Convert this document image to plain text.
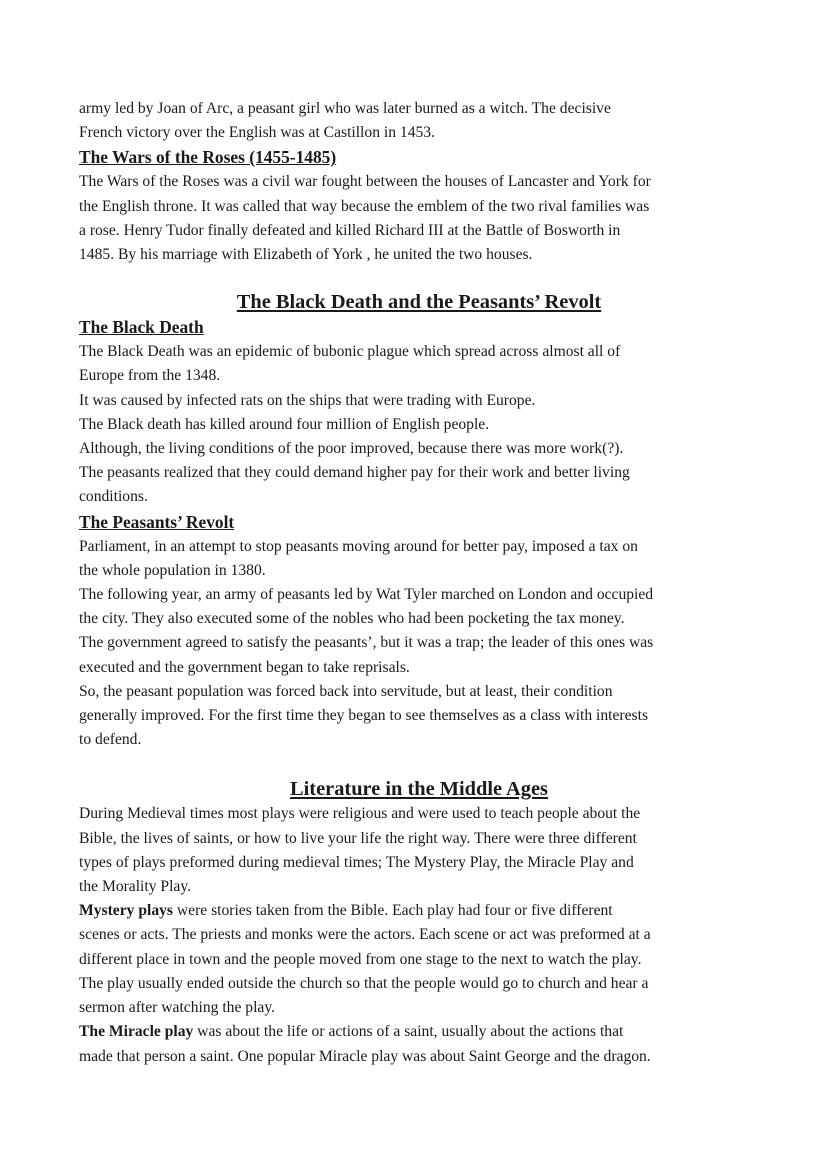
army led by Joan of Arc, a peasant girl who was later burned as a witch. The decisive

French victory over the English was at Castillon in 1453.

The Wars of the Roses (1455-1485)

The Wars of the Roses was a civil war fought between the houses of Lancaster and York for

the English throne. It was called that way because the emblem of the two rival families was

a rose. Henry Tudor finally defeated and killed Richard III at the Battle of Bosworth in

1485. By his marriage with Elizabeth of York , he united the two houses.

The Black Death and the Peasants’ Revolt

The Black Death

The Black Death was an epidemic of bubonic plague which spread across almost all of

Europe from the 1348.

It was caused by infected rats on the ships that were trading with Europe.

The Black death has killed around four million of English people.

Although, the living conditions of the poor improved, because there was more work(?).

The peasants realized that they could demand higher pay for their work and better living

conditions.

The Peasants’ Revolt

Parliament, in an attempt to stop peasants moving around for better pay, imposed a tax on

the whole population in 1380.

The following year, an army of peasants led by Wat Tyler marched on London and occupied

the city. They also executed some of the nobles who had been pocketing the tax money.

The government agreed to satisfy the peasants’, but it was a trap; the leader of this ones was

executed and the government began to take reprisals.

So, the peasant population was forced back into servitude, but at least, their condition

generally improved. For the first time they began to see themselves as a class with interests

to defend.

Literature in the Middle Ages

During Medieval times most plays were religious and were used to teach people about the

Bible, the lives of saints, or how to live your life the right way. There were three different

types of plays preformed during medieval times; The Mystery Play, the Miracle Play and

the Morality Play.

Mystery plays were stories taken from the Bible. Each play had four or five different

scenes or acts. The priests and monks were the actors. Each scene or act was preformed at a

different place in town and the people moved from one stage to the next to watch the play.

The play usually ended outside the church so that the people would go to church and hear a

sermon after watching the play.

The Miracle play was about the life or actions of a saint, usually about the actions that

made that person a saint. One popular Miracle play was about Saint George and the dragon.
